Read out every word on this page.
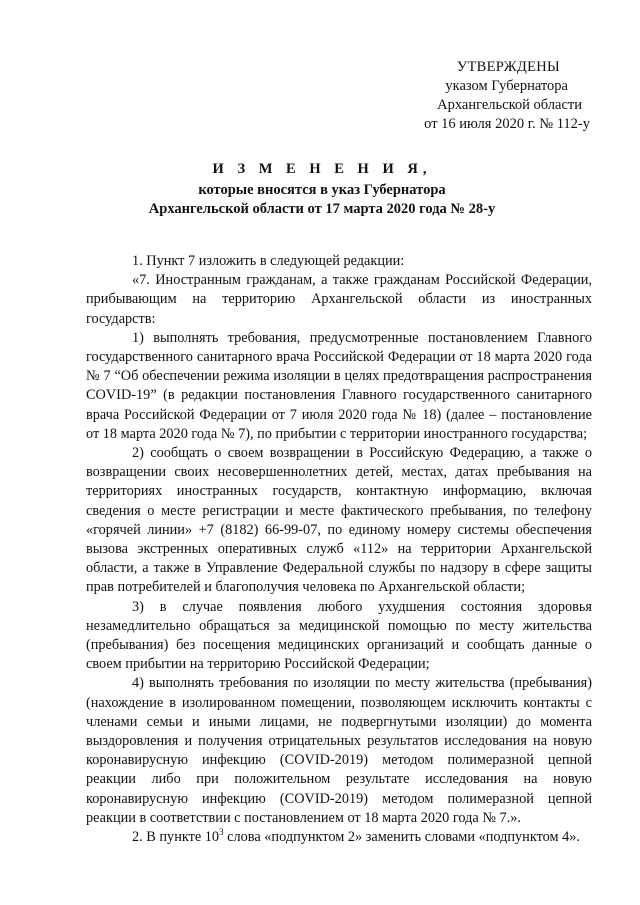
УТВЕРЖДЕНЫ
указом Губернатора
Архангельской области
от 16 июля 2020 г. № 112-у
И З М Е Н Е Н И Я,
которые вносятся в указ Губернатора
Архангельской области от 17 марта 2020 года № 28-у

1. Пункт 7 изложить в следующей редакции:

«7. Иностранным гражданам, а также гражданам Российской Федерации, прибывающим на территорию Архангельской области из иностранных государств:

1) выполнять требования, предусмотренные постановлением Главного государственного санитарного врача Российской Федерации от 18 марта 2020 года № 7 “Об обеспечении режима изоляции в целях предотвращения распространения COVID-19” (в редакции постановления Главного государственного санитарного врача Российской Федерации от 7 июля 2020 года № 18) (далее – постановление от 18 марта 2020 года № 7), по прибытии с территории иностранного государства;

2) сообщать о своем возвращении в Российскую Федерацию, а также о возвращении своих несовершеннолетних детей, местах, датах пребывания на территориях иностранных государств, контактную информацию, включая сведения о месте регистрации и месте фактического пребывания, по телефону «горячей линии» +7 (8182) 66-99-07, по единому номеру системы обеспечения вызова экстренных оперативных служб «112» на территории Архангельской области, а также в Управление Федеральной службы по надзору в сфере защиты прав потребителей и благополучия человека по Архангельской области;

3) в случае появления любого ухудшения состояния здоровья незамедлительно обращаться за медицинской помощью по месту жительства (пребывания) без посещения медицинских организаций и сообщать данные о своем прибытии на территорию Российской Федерации;

4) выполнять требования по изоляции по месту жительства (пребывания) (нахождение в изолированном помещении, позволяющем исключить контакты с членами семьи и иными лицами, не подвергнутыми изоляции) до момента выздоровления и получения отрицательных результатов исследования на новую коронавирусную инфекцию (COVID-2019) методом полимеразной цепной реакции либо при положительном результате исследования на новую коронавирусную инфекцию (COVID-2019) методом полимеразной цепной реакции в соответствии с постановлением от 18 марта 2020 года № 7.».

2. В пункте $10^3$ слова «подпунктом 2» заменить словами «подпунктом 4».
